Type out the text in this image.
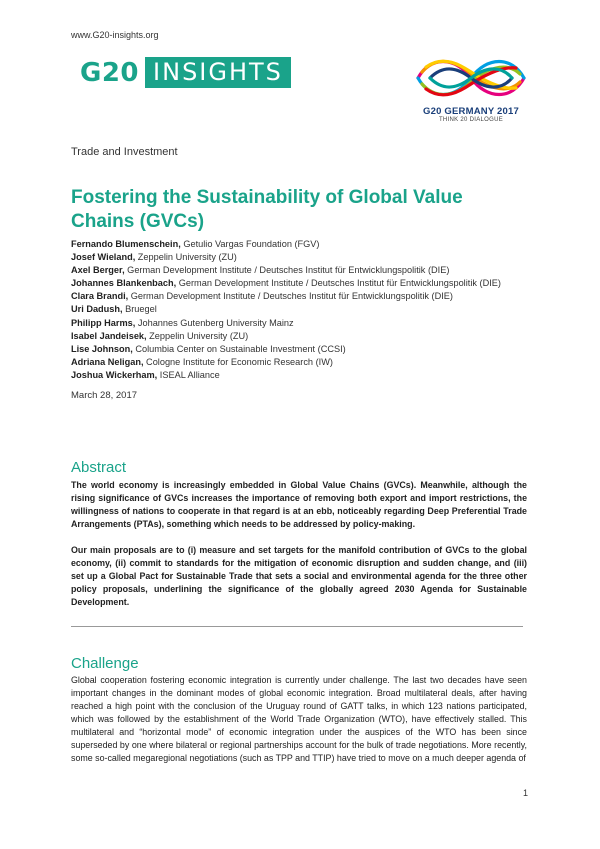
www.G20-insights.org
G20 INSIGHTS
G20 GERMANY 2017
THINK 20 DIALOGUE
Trade and Investment
Fostering the Sustainability of Global Value Chains (GVCs)
Fernando Blumenschein, Getulio Vargas Foundation (FGV)
Josef Wieland, Zeppelin University (ZU)
Axel Berger, German Development Institute / Deutsches Institut für Entwicklungspolitik (DIE)
Johannes Blankenbach, German Development Institute / Deutsches Institut für Entwicklungspolitik (DIE)
Clara Brandi, German Development Institute / Deutsches Institut für Entwicklungspolitik (DIE)
Uri Dadush, Bruegel
Philipp Harms, Johannes Gutenberg University Mainz
Isabel Jandeisek, Zeppelin University (ZU)
Lise Johnson, Columbia Center on Sustainable Investment (CCSI)
Adriana Neligan, Cologne Institute for Economic Research (IW)
Joshua Wickerham, ISEAL Alliance
March 28, 2017
Abstract
The world economy is increasingly embedded in Global Value Chains (GVCs). Meanwhile, although the rising significance of GVCs increases the importance of removing both export and import restrictions, the willingness of nations to cooperate in that regard is at an ebb, noticeably regarding Deep Preferential Trade Arrangements (PTAs), something which needs to be addressed by policy-making.
Our main proposals are to (i) measure and set targets for the manifold contribution of GVCs to the global economy, (ii) commit to standards for the mitigation of economic disruption and sudden change, and (iii) set up a Global Pact for Sustainable Trade that sets a social and environmental agenda for the three other policy proposals, underlining the significance of the globally agreed 2030 Agenda for Sustainable Development.
Challenge
Global cooperation fostering economic integration is currently under challenge. The last two decades have seen important changes in the dominant modes of global economic integration. Broad multilateral deals, after having reached a high point with the conclusion of the Uruguay round of GATT talks, in which 123 nations participated, which was followed by the establishment of the World Trade Organization (WTO), have effectively stalled. This multilateral and “horizontal mode” of economic integration under the auspices of the WTO has been since superseded by one where bilateral or regional partnerships account for the bulk of trade negotiations. More recently, some so-called megaregional negotiations (such as TPP and TTIP) have tried to move on a much deeper agenda of
1
